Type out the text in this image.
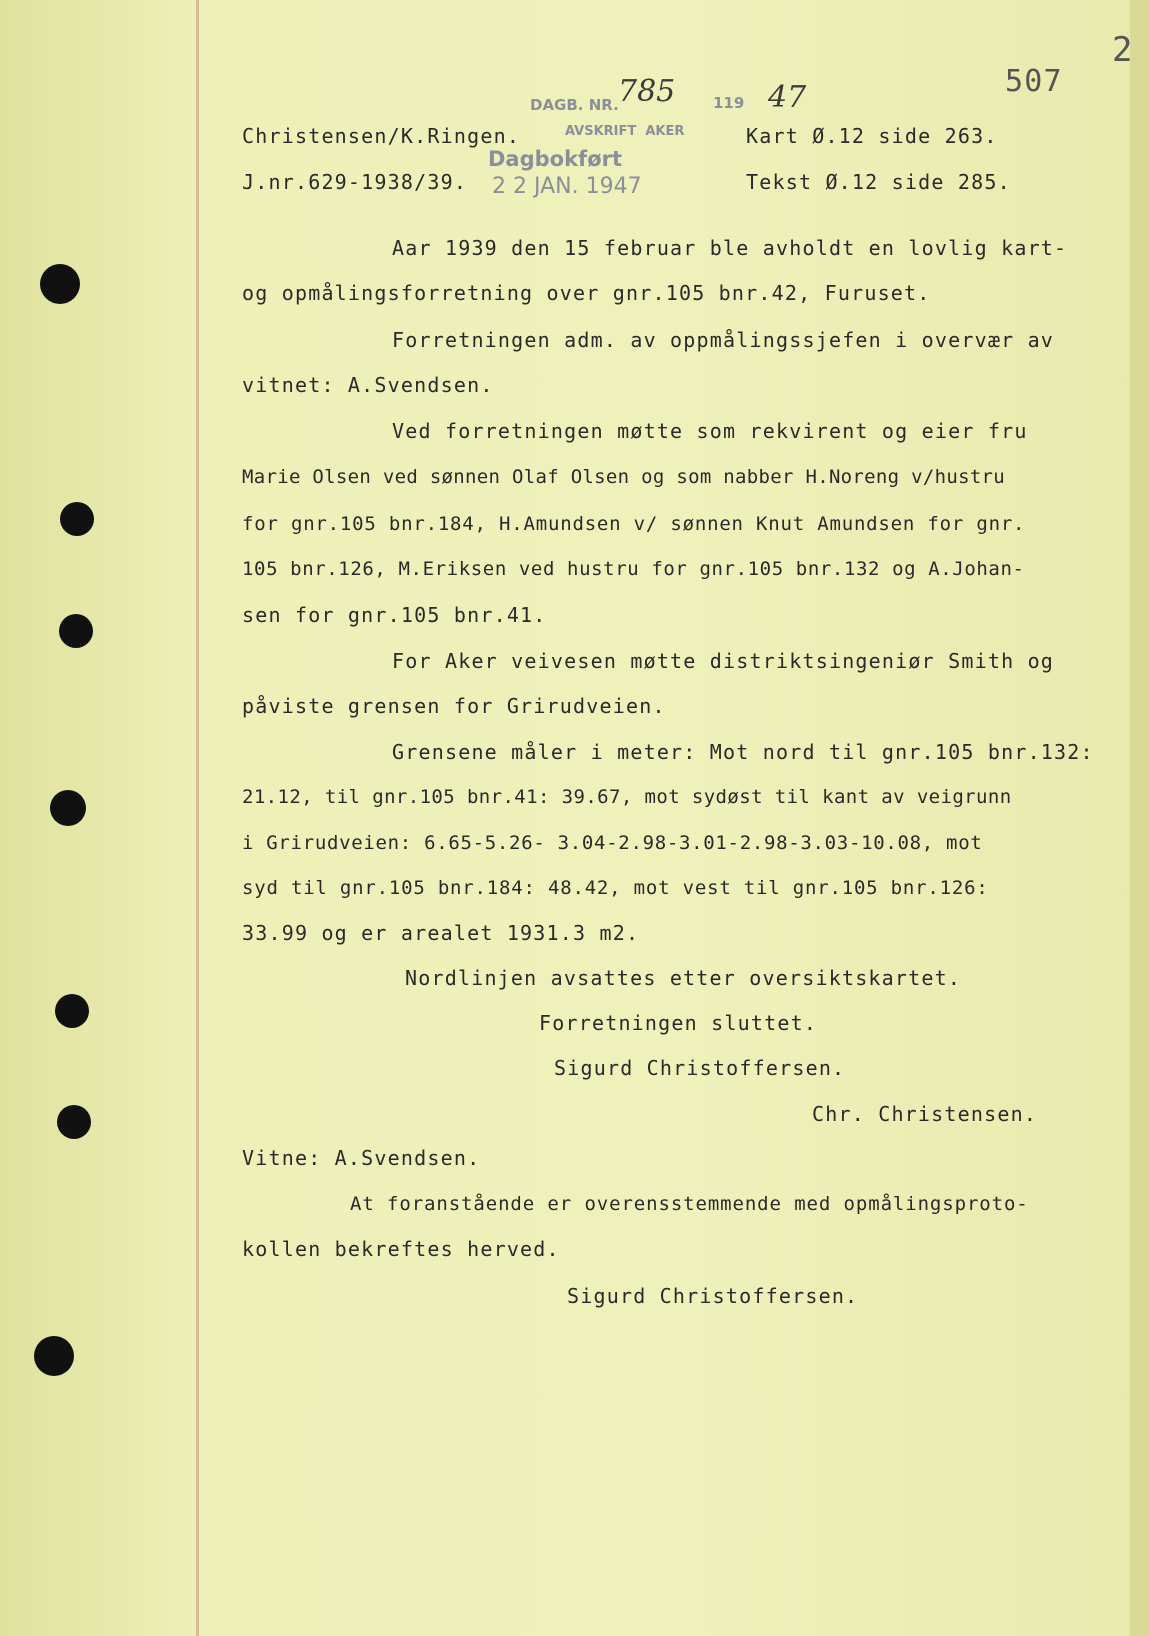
DAGB. NR. 785	119 47
AVSKRIFT  AKER
Dagbokført
2 2 JAN. 1947
507
2
Christensen/K.Ringen.
J.nr.629-1938/39.
Kart Ø.12 side 263.
Tekst Ø.12 side 285.
Aar 1939 den 15 februar ble avholdt en lovlig kart-
og opmålingsforretning over gnr.105 bnr.42, Furuset.
Forretningen adm. av oppmålingssjefen i overvær av
vitnet: A.Svendsen.
Ved forretningen møtte som rekvirent og eier fru
Marie Olsen ved sønnen Olaf Olsen og som nabber H.Noreng v/hustru
for gnr.105 bnr.184, H.Amundsen v/ sønnen Knut Amundsen for gnr.
105 bnr.126, M.Eriksen ved hustru for gnr.105 bnr.132 og A.Johan-
sen for gnr.105 bnr.41.
For Aker veivesen møtte distriktsingeniør Smith og
påviste grensen for Grirudveien.
Grensene måler i meter: Mot nord til gnr.105 bnr.132:
21.12, til gnr.105 bnr.41: 39.67, mot sydøst til kant av veigrunn
i Grirudveien: 6.65-5.26- 3.04-2.98-3.01-2.98-3.03-10.08, mot
syd til gnr.105 bnr.184: 48.42, mot vest til gnr.105 bnr.126:
33.99 og er arealet 1931.3 m2.
Nordlinjen avsattes etter oversiktskartet.
Forretningen sluttet.
Sigurd Christoffersen.
Chr. Christensen.
Vitne: A.Svendsen.
At foranstående er overensstemmende med opmålingsproto-
kollen bekreftes herved.
Sigurd Christoffersen.
